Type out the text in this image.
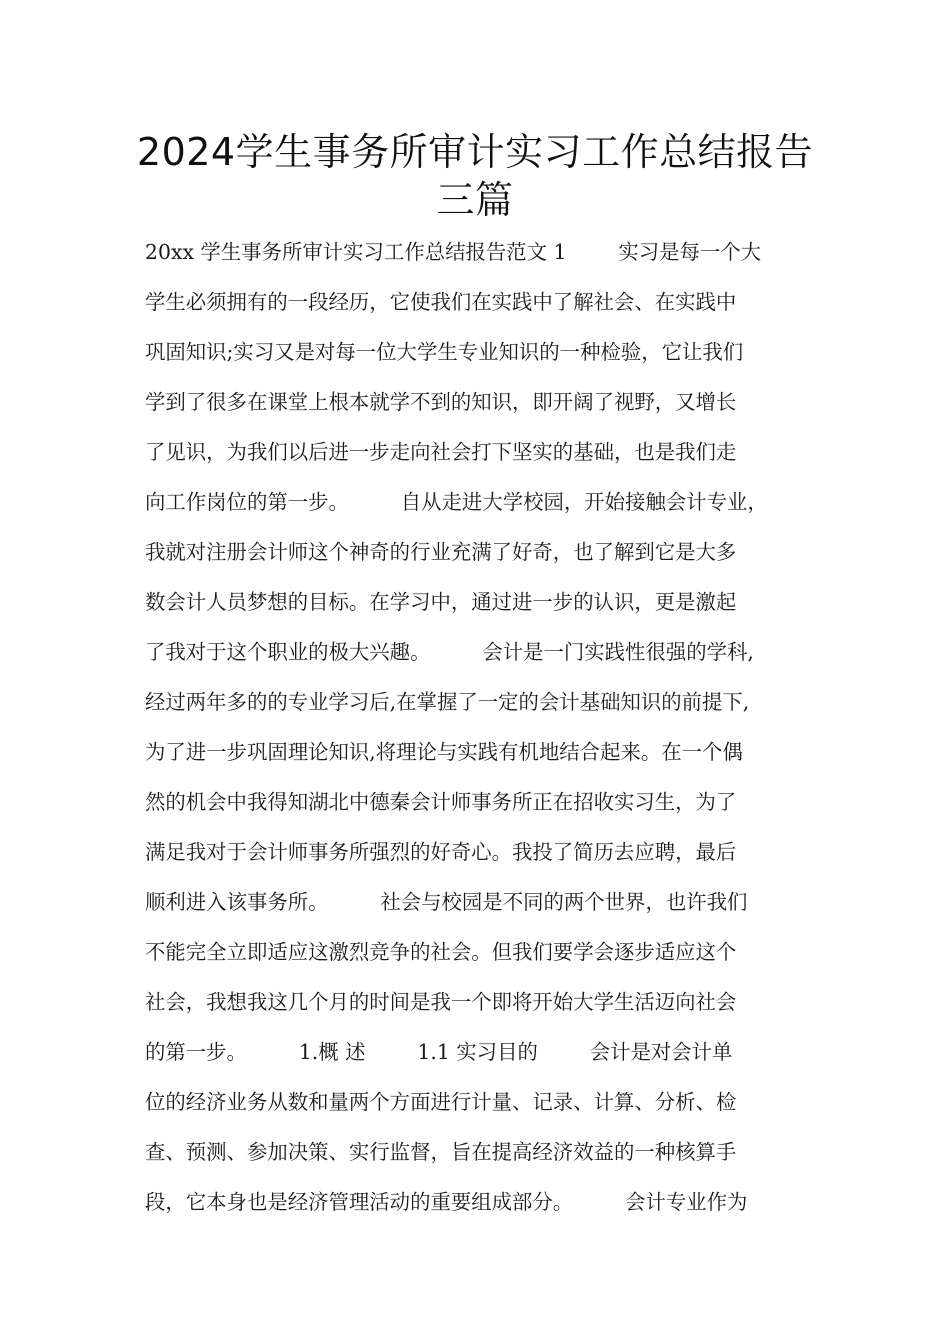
2024学生事务所审计实习工作总结报告
三篇
20xx 学生事务所审计实习工作总结报告范文 1        实习是每一个大
学生必须拥有的一段经历，它使我们在实践中了解社会、在实践中
巩固知识;实习又是对每一位大学生专业知识的一种检验，它让我们
学到了很多在课堂上根本就学不到的知识，即开阔了视野，又增长
了见识，为我们以后进一步走向社会打下坚实的基础，也是我们走
向工作岗位的第一步。        自从走进大学校园，开始接触会计专业，
我就对注册会计师这个神奇的行业充满了好奇，也了解到它是大多
数会计人员梦想的目标。在学习中，通过进一步的认识，更是激起
了我对于这个职业的极大兴趣。        会计是一门实践性很强的学科,
经过两年多的的专业学习后,在掌握了一定的会计基础知识的前提下,
为了进一步巩固理论知识,将理论与实践有机地结合起来。在一个偶
然的机会中我得知湖北中德秦会计师事务所正在招收实习生，为了
满足我对于会计师事务所强烈的好奇心。我投了简历去应聘，最后
顺利进入该事务所。        社会与校园是不同的两个世界，也许我们
不能完全立即适应这激烈竞争的社会。但我们要学会逐步适应这个
社会，我想我这几个月的时间是我一个即将开始大学生活迈向社会
的第一步。        1.概 述        1.1 实习目的        会计是对会计单
位的经济业务从数和量两个方面进行计量、记录、计算、分析、检
查、预测、参加决策、实行监督，旨在提高经济效益的一种核算手
段，它本身也是经济管理活动的重要组成部分。        会计专业作为
